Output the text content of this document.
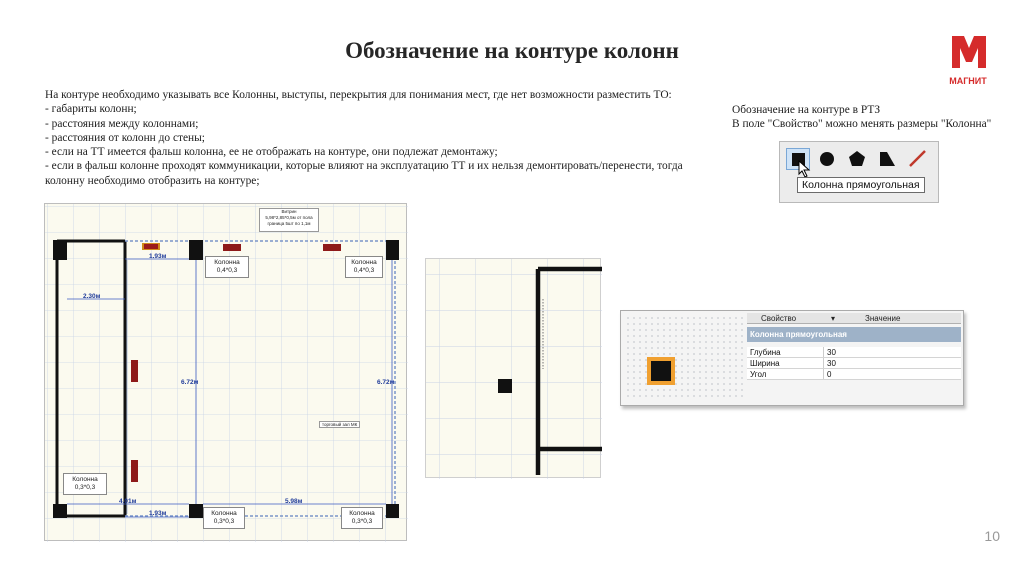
Обозначение на контуре колонн
МАГНИТ
На контуре необходимо указывать все Колонны, выступы, перекрытия для понимания мест, где нет возможности разместить ТО:
- габариты колонн;
- расстояния между колоннами;
- расстояния от колонн до стены;
- если на ТТ имеется фальш колонна, ее не отображать на контуре, они подлежат демонтажу;
- если в фальш колонне проходят коммуникации, которые влияют на эксплуатацию ТТ и их нельзя демонтировать/перенести, тогда
колонну необходимо отобразить на контуре;
Обозначение на контуре в РТЗ
В поле "Свойство" можно менять размеры "Колонна"
Колонна прямоугольная
Витрин
5,98*2,85*0,5м от пола
граница 5шт по 1,1м
торговый зал МК
1.93м
2.30м
6.72м	6.72м
4.01м
1.93м
5.98м
Колонна
0,4*0,3
Колонна
0,4*0,3
Колонна
0,3*0,3
Колонна
0,3*0,3
Колонна
0,3*0,3
Свойство	▾	Значение
Колонна прямоугольная
Глубина	30
Ширина	30
Угол	0
10
